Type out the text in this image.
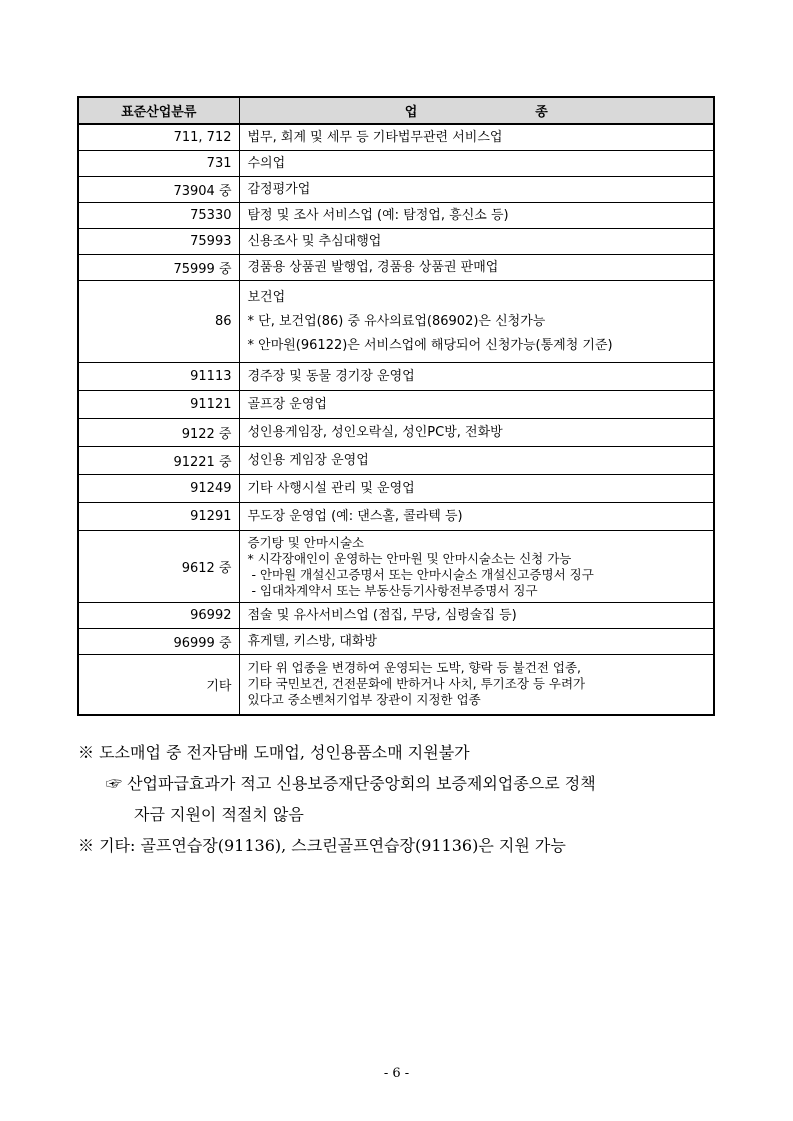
표준산업분류	업 종
711, 712	법무, 회계 및 세무 등 기타법무관련 서비스업
731	수의업
73904 중	감정평가업
75330	탐정 및 조사 서비스업 (예: 탐정업, 흥신소 등)
75993	신용조사 및 추심대행업
75999 중	경품용 상품권 발행업, 경품용 상품권 판매업
86	보건업
* 단, 보건업(86) 중 유사의료업(86902)은 신청가능
* 안마원(96122)은 서비스업에 해당되어 신청가능(통계청 기준)

91113	경주장 및 동물 경기장 운영업
91121	골프장 운영업
9122 중	성인용게임장, 성인오락실, 성인PC방, 전화방
91221 중	성인용 게임장 운영업
91249	기타 사행시설 관리 및 운영업
91291	무도장 운영업 (예: 댄스홀, 콜라텍 등)
9612 중	증기탕 및 안마시술소
* 시각장애인이 운영하는 안마원 및 안마시술소는 신청 가능
- 안마원 개설신고증명서 또는 안마시술소 개설신고증명서 징구
- 임대차계약서 또는 부동산등기사항전부증명서 징구

96992	점술 및 유사서비스업 (점집, 무당, 심령술집 등)
96999 중	휴게텔, 키스방, 대화방
기타	기타 위 업종을 변경하여 운영되는 도박, 향락 등 불건전 업종,
기타 국민보건, 건전문화에 반하거나 사치, 투기조장 등 우려가
있다고 중소벤처기업부 장관이 지정한 업종
※ 도소매업 중 전자담배 도매업, 성인용품소매 지원불가
☞ 산업파급효과가 적고 신용보증재단중앙회의 보증제외업종으로 정책
자금 지원이 적절치 않음
※ 기타: 골프연습장(91136), 스크린골프연습장(91136)은 지원 가능
- 6 -
